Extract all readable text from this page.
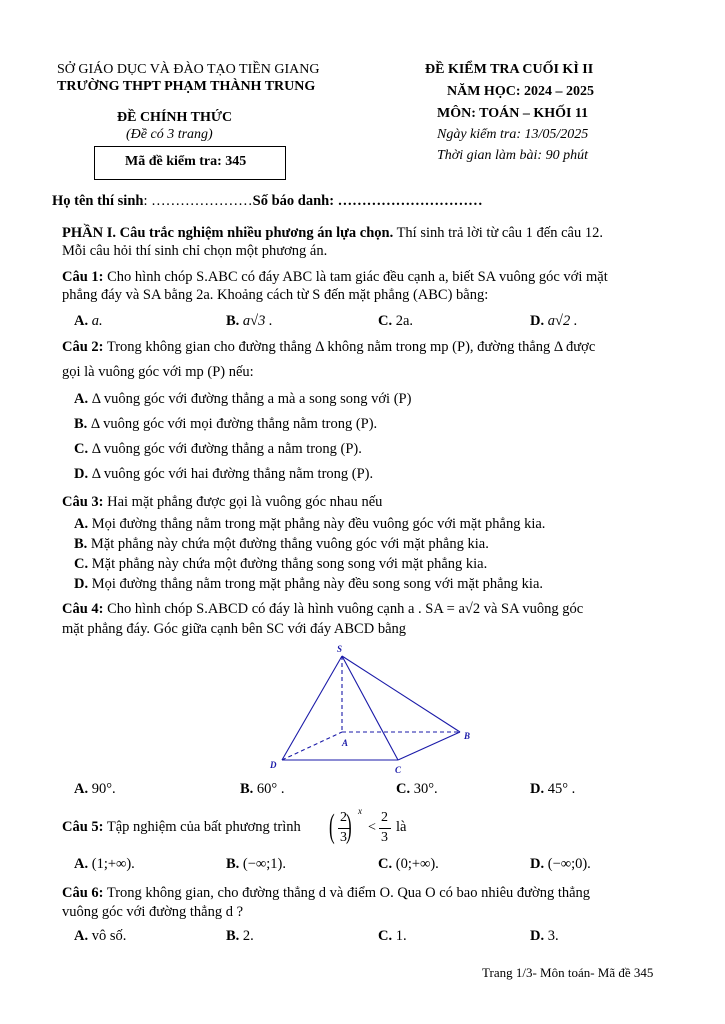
SỞ GIÁO DỤC VÀ ĐÀO TẠO TIỀN GIANG
TRƯỜNG THPT PHẠM THÀNH TRUNG
ĐỀ CHÍNH THỨC
(Đề có 3 trang)
Mã đề kiểm tra: 345
ĐỀ KIỂM TRA CUỐI KÌ II
NĂM HỌC: 2024 – 2025
MÔN: TOÁN – KHỐI 11
Ngày kiểm tra: 13/05/2025
Thời gian làm bài: 90 phút
Họ tên thí sinh: …………………Số báo danh: …………………………
PHẦN I. Câu trắc nghiệm nhiều phương án lựa chọn. Thí sinh trả lời từ câu 1 đến câu 12.
Mỗi câu hỏi thí sinh chỉ chọn một phương án.
Câu 1: Cho hình chóp S.ABC có đáy ABC là tam giác đều cạnh a, biết SA vuông góc với mặt
phẳng đáy và SA bằng 2a. Khoảng cách từ S đến mặt phẳng (ABC) bằng:
A. a.	B. a√3 .	C. 2a.	D. a√2 .
Câu 2: Trong không gian cho đường thẳng Δ không nằm trong mp (P), đường thẳng Δ được
gọi là vuông góc với mp (P) nếu:
A. Δ vuông góc với đường thẳng a mà a song song với (P)
B. Δ vuông góc với mọi đường thẳng nằm trong (P).
C. Δ vuông góc với đường thẳng a nằm trong (P).
D. Δ vuông góc với hai đường thẳng nằm trong (P).
Câu 3: Hai mặt phẳng được gọi là vuông góc nhau nếu
A. Mọi đường thẳng nằm trong mặt phẳng này đều vuông góc với mặt phẳng kia.
B. Mặt phẳng này chứa một đường thẳng vuông góc với mặt phẳng kia.
C. Mặt phẳng này chứa một đường thẳng song song với mặt phẳng kia.
D. Mọi đường thẳng nằm trong mặt phẳng này đều song song với mặt phẳng kia.
Câu 4: Cho hình chóp S.ABCD có đáy là hình vuông cạnh a . SA = a√2 và SA vuông góc
mặt phẳng đáy. Góc giữa cạnh bên SC với đáy ABCD bằng
S
A
B
C
D
A. 90°.	B. 60° .	C. 30°.	D. 45° .
Câu 5: Tập nghiệm của bất phương trình ( 2
3 ) x
<
2
3
là
A. (1;+∞).	B. (−∞;1).	C. (0;+∞).	D. (−∞;0).
Câu 6: Trong không gian, cho đường thẳng d và điểm O. Qua O có bao nhiêu đường thẳng
vuông góc với đường thẳng d ?
A. vô số.	B. 2.	C. 1.	D. 3.
Trang 1/3- Môn toán- Mã đề 345
